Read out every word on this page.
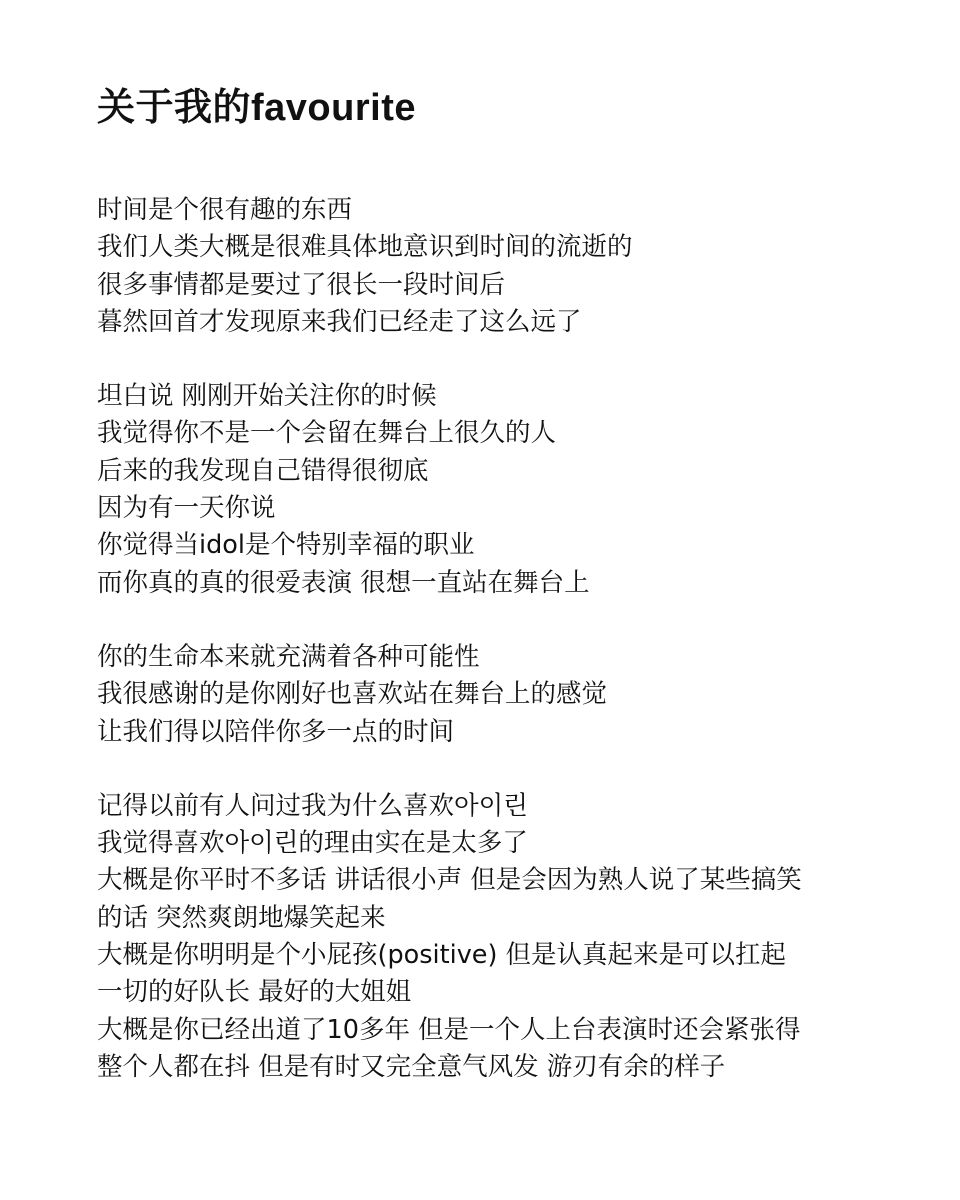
关于我的favourite
时间是个很有趣的东西
我们人类大概是很难具体地意识到时间的流逝的
很多事情都是要过了很长一段时间后
暮然回首才发现原来我们已经走了这么远了
坦白说 刚刚开始关注你的时候
我觉得你不是一个会留在舞台上很久的人
后来的我发现自己错得很彻底
因为有一天你说
你觉得当idol是个特别幸福的职业
而你真的真的很爱表演 很想一直站在舞台上
你的生命本来就充满着各种可能性
我很感谢的是你刚好也喜欢站在舞台上的感觉
让我们得以陪伴你多一点的时间
记得以前有人问过我为什么喜欢아이린
我觉得喜欢아이린的理由实在是太多了
大概是你平时不多话 讲话很小声 但是会因为熟人说了某些搞笑
的话 突然爽朗地爆笑起来
大概是你明明是个小屁孩(positive) 但是认真起来是可以扛起
一切的好队长 最好的大姐姐
大概是你已经出道了10多年 但是一个人上台表演时还会紧张得
整个人都在抖 但是有时又完全意气风发 游刃有余的样子
